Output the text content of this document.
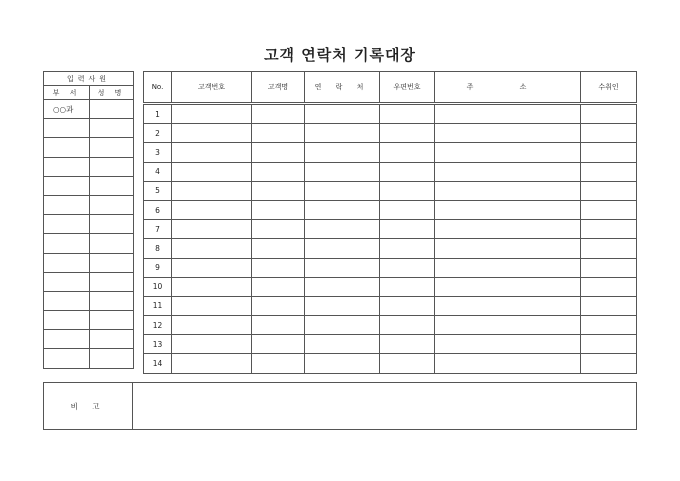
고객 연락처 기록대장
입력사원	
부 서	성 명
○○과	

No.	고객번호	고객명	연 락 처	우편번호	주 소	수취인
1						
2						
3						
4						
5						
6						
7						
8						
9						
10						
11						
12						
13						
14						
비 고	
